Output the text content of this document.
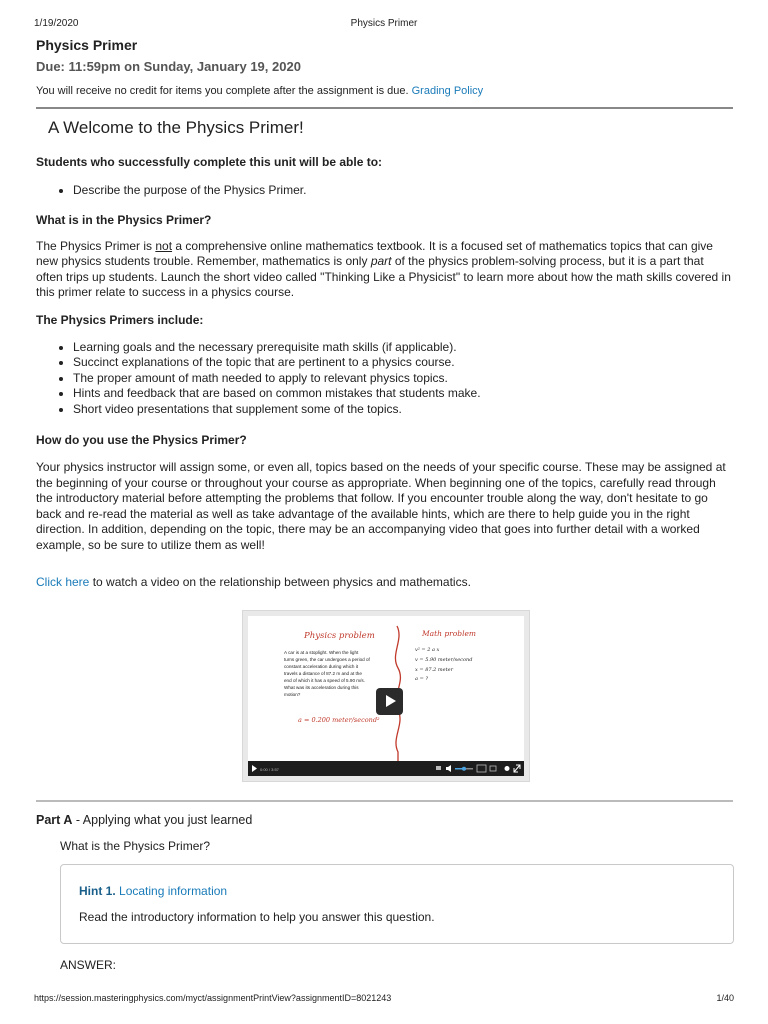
1/19/2020	Physics Primer
Physics Primer
Due: 11:59pm on Sunday, January 19, 2020
You will receive no credit for items you complete after the assignment is due. Grading Policy
A Welcome to the Physics Primer!
Students who successfully complete this unit will be able to:
• Describe the purpose of the Physics Primer.
What is in the Physics Primer?

The Physics Primer is not a comprehensive online mathematics textbook. It is a focused set of mathematics topics that can give new physics students trouble. Remember, mathematics is only part of the physics problem-solving process, but it is a part that often trips up students. Launch the short video called "Thinking Like a Physicist" to learn more about how the math skills covered in this primer relate to success in a physics course.

The Physics Primers include:
• Learning goals and the necessary prerequisite math skills (if applicable).
• Succinct explanations of the topic that are pertinent to a physics course.
• The proper amount of math needed to apply to relevant physics topics.
• Hints and feedback that are based on common mistakes that students make.
• Short video presentations that supplement some of the topics.
How do you use the Physics Primer?

Your physics instructor will assign some, or even all, topics based on the needs of your specific course. These may be assigned at the beginning of your course or throughout your course as appropriate. When beginning one of the topics, carefully read through the introductory material before attempting the problems that follow. If you encounter trouble along the way, don't hesitate to go back and re-read the material as well as take advantage of the available hints, which are there to help guide you in the right direction. In addition, depending on the topic, there may be an accompanying video that goes into further detail with a worked example, so be sure to utilize them as well!

Click here to watch a video on the relationship between physics and mathematics.

Physics problem	Math problem
A car is at a stoplight. When the light
turns green, the car undergoes a period of
constant acceleration during which it
travels a distance of 87.2 m and at the
end of which it has a speed of 5.90 m/s.
What was its acceleration during this
motion?
a = 0.200 meter/second²
v² = 2 a x
v = 5.90 meter/second
x = 87.2 meter
a = ?
0:00 / 3:57
Part A - Applying what you just learned

What is the Physics Primer?

Hint 1. Locating information

Read the introductory information to help you answer this question.

ANSWER:

https://session.masteringphysics.com/myct/assignmentPrintView?assignmentID=8021243	1/40
